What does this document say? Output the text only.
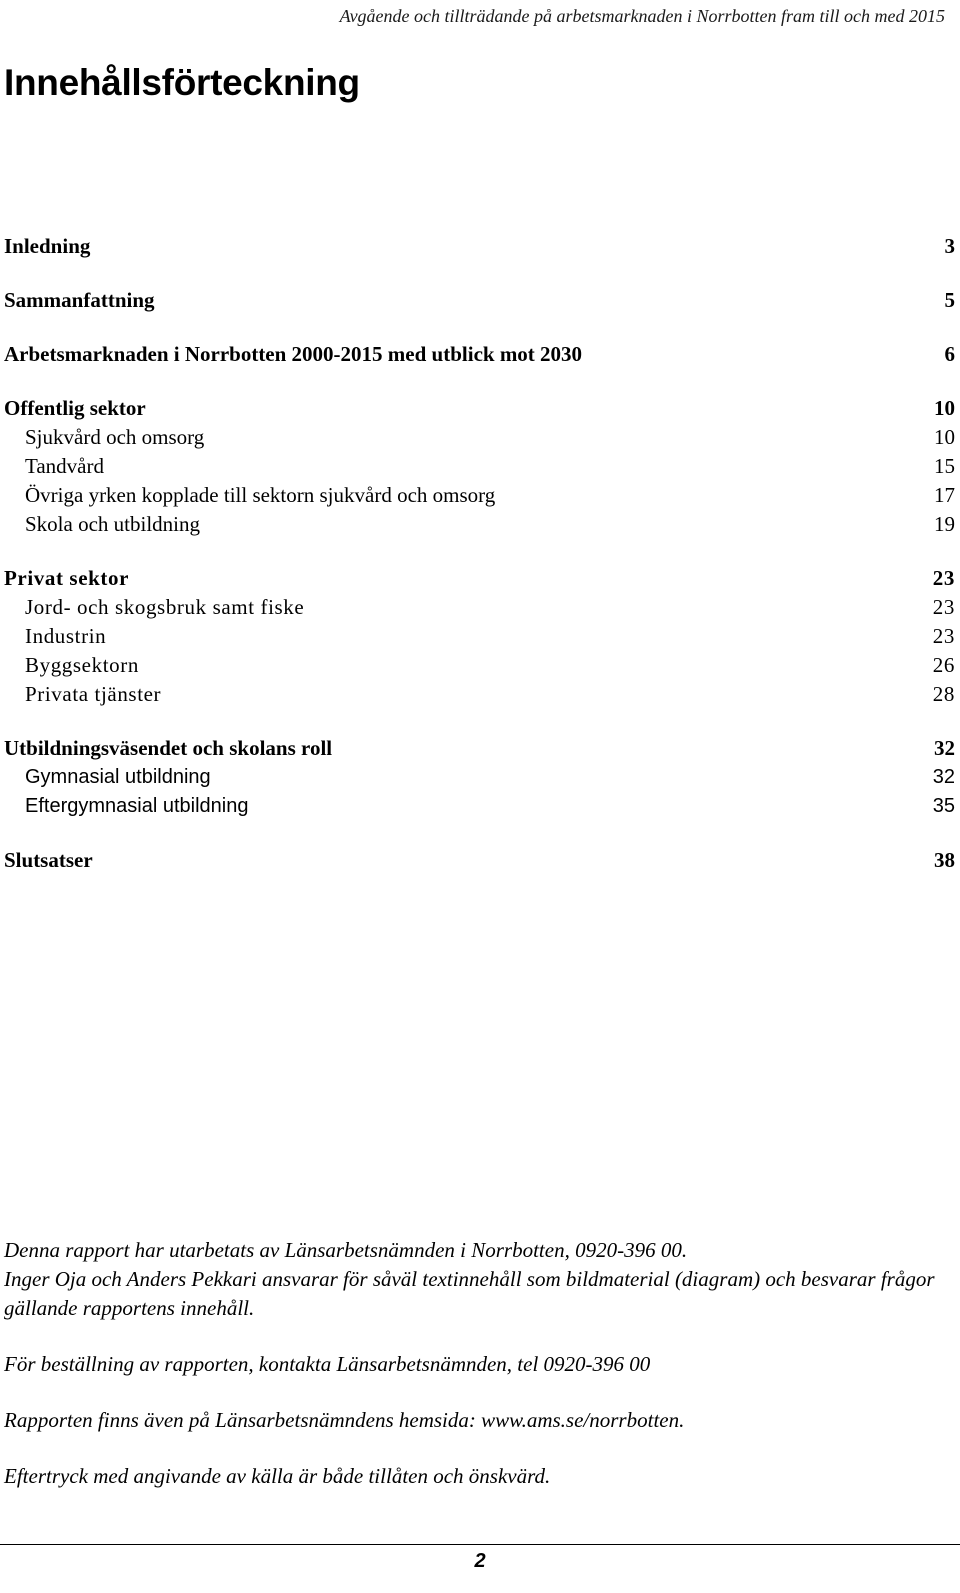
Avgående och tillträdande på arbetsmarknaden i Norrbotten fram till och med 2015
Innehållsförteckning
Inledning	3
Sammanfattning	5
Arbetsmarknaden i Norrbotten 2000-2015 med utblick mot 2030	6
Offentlig sektor	10
Sjukvård och omsorg	10
Tandvård	15
Övriga yrken kopplade till sektorn sjukvård och omsorg	17
Skola och utbildning	19
Privat sektor	23
Jord- och skogsbruk samt fiske	23
Industrin	23
Byggsektorn	26
Privata tjänster	28
Utbildningsväsendet och skolans roll	32
Gymnasial utbildning	32
Eftergymnasial utbildning	35
Slutsatser	38

Denna rapport har utarbetats av Länsarbetsnämnden i Norrbotten, 0920-396 00.

Inger Oja och Anders Pekkari ansvarar för såväl textinnehåll som bildmaterial (diagram) och besvarar frågor gällande rapportens innehåll.

För beställning av rapporten, kontakta Länsarbetsnämnden, tel 0920-396 00

Rapporten finns även på Länsarbetsnämndens hemsida: www.ams.se/norrbotten.

Eftertryck med angivande av källa är både tillåten och önskvärd.

2
